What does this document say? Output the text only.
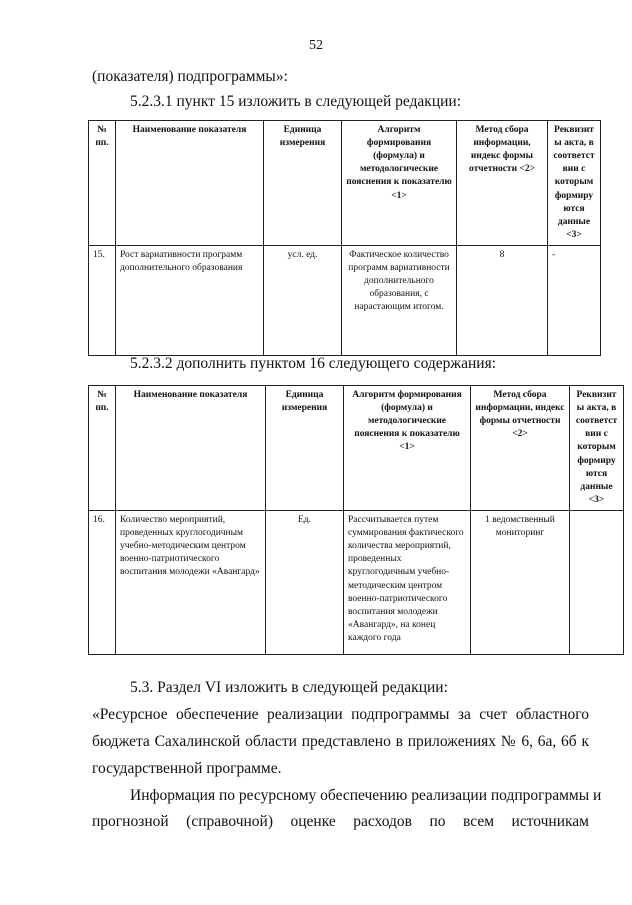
52
(показателя) подпрограммы»:
5.2.3.1 пункт 15 изложить в следующей редакции:
№ пп.	Наименование показателя	Единица измерения	Алгоритм формирования (формула) и методологические пояснения к показателю <1>	Метод сбора информации, индекс формы отчетности <2>	Реквизиты акта, в соответствии с которым формируются данные <3>
15.	Рост вариативности программ дополнительного образования	усл. ед.	Фактическое количество программ вариативности дополнительного образования, с нарастающим итогом.	8	-
5.2.3.2 дополнить пунктом 16 следующего содержания:
№ пп.	Наименование показателя	Единица измерения	Алгоритм формирования (формула) и методологические пояснения к показателю <1>	Метод сбора информации, индекс формы отчетности <2>	Реквизиты акта, в соответствии с которым формируются данные <3>
16.	Количество мероприятий, проведенных круглогодичным учебно-методическим центром военно-патриотического воспитания молодежи «Авангард»	Ед.	Рассчитывается путем суммирования фактического количества мероприятий, проведенных круглогодичным учебно-методическим центром военно-патриотического воспитания молодежи «Авангард», на конец каждого года	1 ведомственный мониторинг	
5.3. Раздел VI изложить в следующей редакции:
«Ресурсное обеспечение реализации подпрограммы за счет областного
бюджета Сахалинской области представлено в приложениях № 6, 6а, 6б к
государственной программе.
Информация по ресурсному обеспечению реализации подпрограммы и
прогнозной (справочной) оценке расходов по всем источникам
